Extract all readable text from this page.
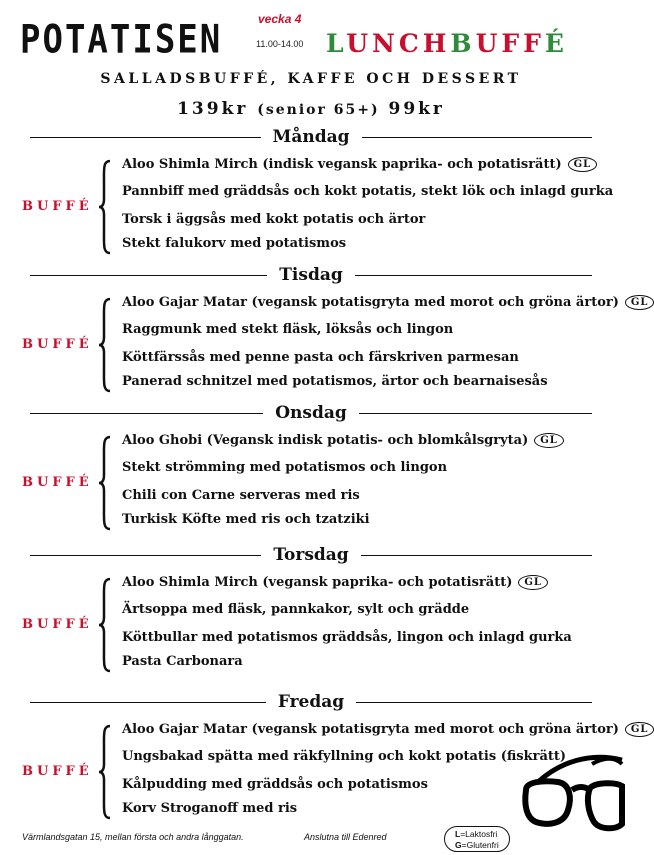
POTATISEN	vecka 4
11.00-14.00 LUNCHBUFFÉ
SALLADSBUFFÉ, KAFFE OCH DESSERT
139kr (senior 65+) 99kr
Måndag
BUFFÉ
Aloo Shimla Mirch (indisk vegansk paprika- och potatisrätt) GL
Pannbiff med gräddsås och kokt potatis, stekt lök och inlagd gurka
Torsk i äggsås med kokt potatis och ärtor
Stekt falukorv med potatismos
Tisdag
BUFFÉ
Aloo Gajar Matar (vegansk potatisgryta med morot och gröna ärtor) GL
Raggmunk med stekt fläsk, löksås och lingon
Köttfärssås med penne pasta och färskriven parmesan
Panerad schnitzel med potatismos, ärtor och bearnaisesås
Onsdag
BUFFÉ
Aloo Ghobi (Vegansk indisk potatis- och blomkålsgryta) GL
Stekt strömming med potatismos och lingon
Chili con Carne serveras med ris
Turkisk Köfte med ris och tzatziki
Torsdag
BUFFÉ
Aloo Shimla Mirch (vegansk paprika- och potatisrätt) GL
Ärtsoppa med fläsk, pannkakor, sylt och grädde
Köttbullar med potatismos gräddsås, lingon och inlagd gurka
Pasta Carbonara
Fredag
BUFFÉ
Aloo Gajar Matar (vegansk potatisgryta med morot och gröna ärtor) GL
Ungsbakad spätta med räkfyllning och kokt potatis (fiskrätt)
Kålpudding med gräddsås och potatismos
Korv Stroganoff med ris
Värmlandsgatan 15, mellan första och andra långgatan.	Anslutna till Edenred	L=Laktosfri
G=Glutenfri
